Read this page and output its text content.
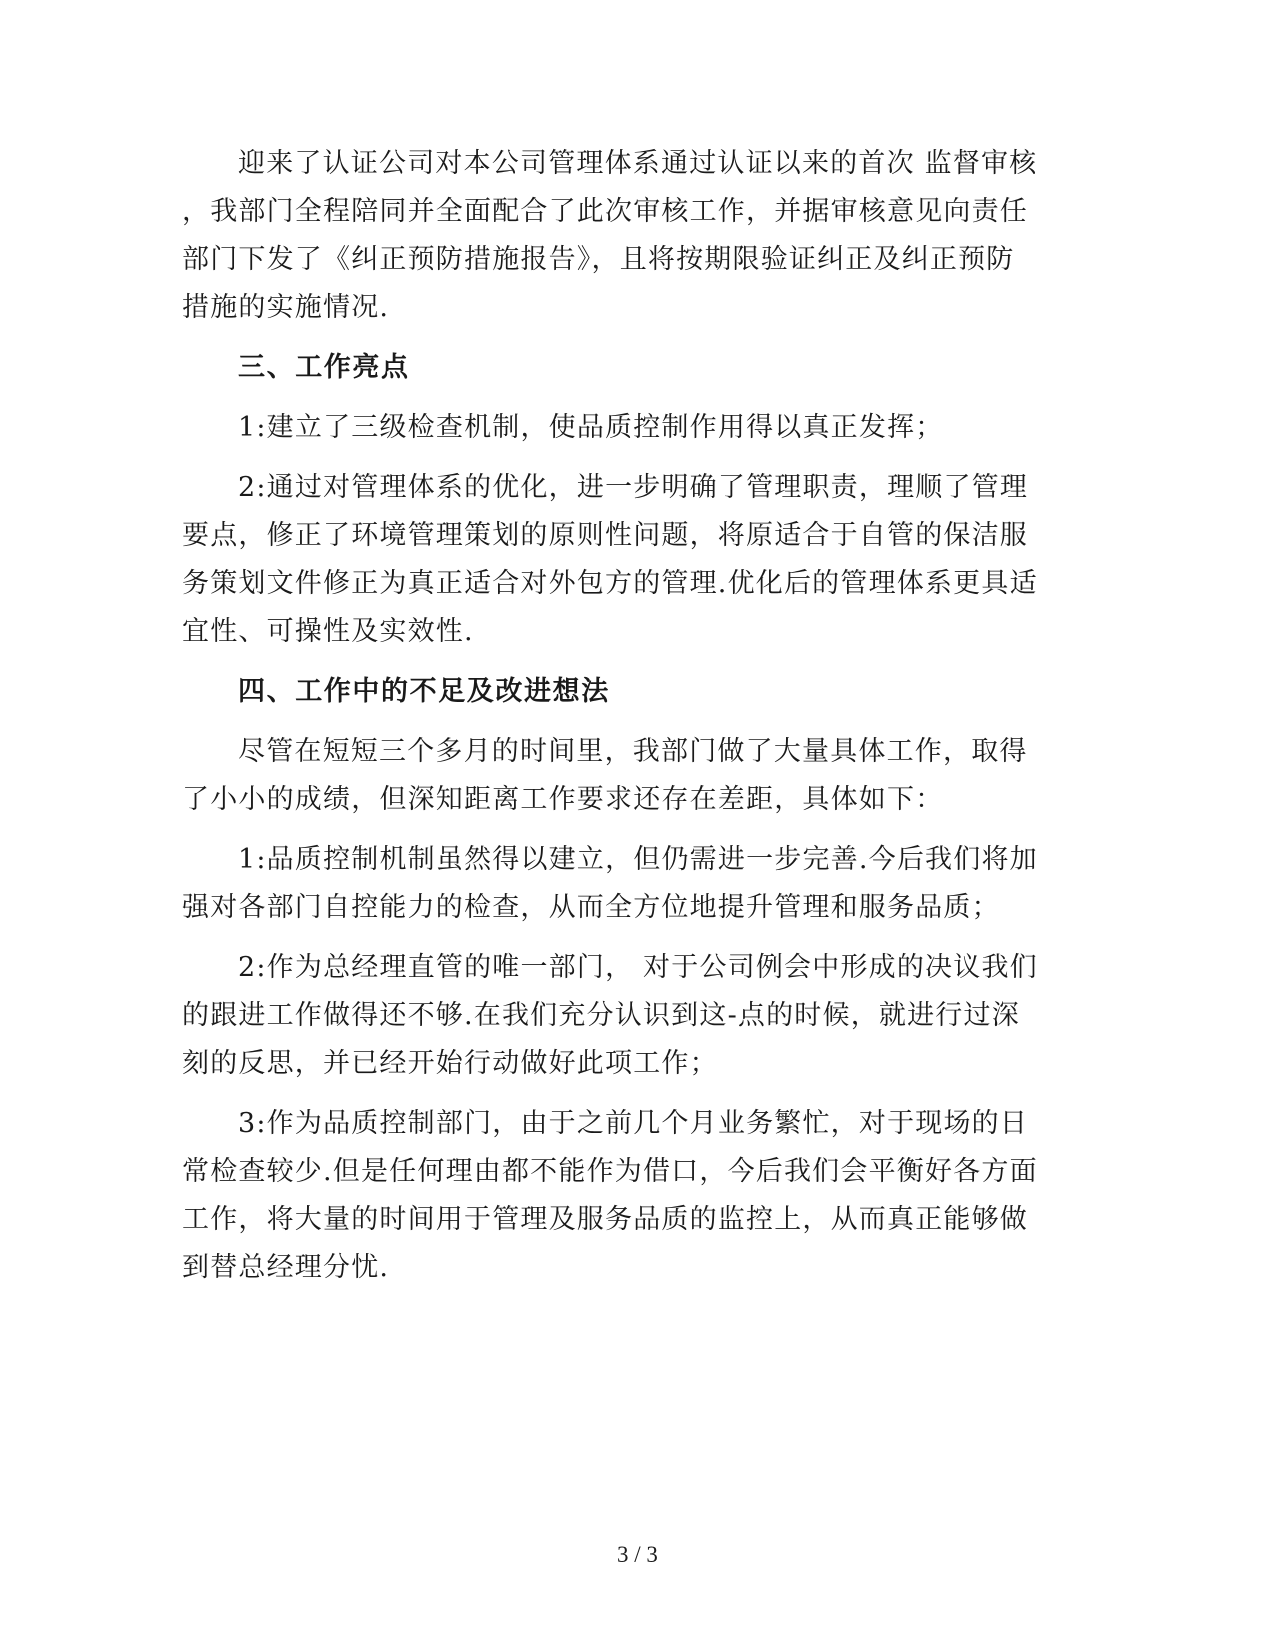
迎来了认证公司对本公司管理体系通过认证以来的首次 监督审核
，我部门全程陪同并全面配合了此次审核工作，并据审核意见向责任
部门下发了《纠正预防措施报告》，且将按期限验证纠正及纠正预防
措施的实施情况.
三、工作亮点
1:建立了三级检查机制，使品质控制作用得以真正发挥；
2:通过对管理体系的优化，进一步明确了管理职责，理顺了管理
要点，修正了环境管理策划的原则性问题，将原适合于自管的保洁服
务策划文件修正为真正适合对外包方的管理.优化后的管理体系更具适
宜性、可操性及实效性.
四、工作中的不足及改进想法
尽管在短短三个多月的时间里，我部门做了大量具体工作，取得
了小小的成绩，但深知距离工作要求还存在差距，具体如下：
1:品质控制机制虽然得以建立，但仍需进一步完善.今后我们将加
强对各部门自控能力的检查，从而全方位地提升管理和服务品质；
2:作为总经理直管的唯一部门， 对于公司例会中形成的决议我们
的跟进工作做得还不够.在我们充分认识到这-点的时候，就进行过深
刻的反思，并已经开始行动做好此项工作；
3:作为品质控制部门，由于之前几个月业务繁忙，对于现场的日
常检查较少.但是任何理由都不能作为借口，今后我们会平衡好各方面
工作，将大量的时间用于管理及服务品质的监控上，从而真正能够做
到替总经理分忧.
3 / 3
